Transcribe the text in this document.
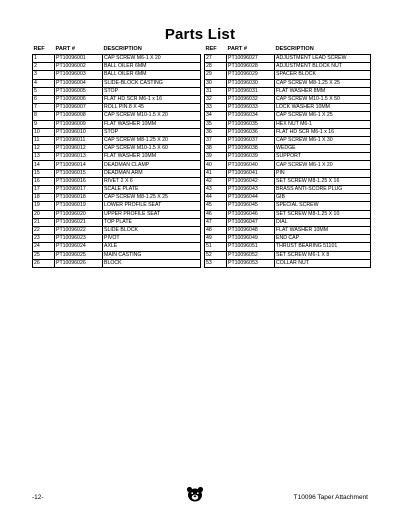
Parts List
REF	PART #	DESCRIPTION
1	PT10096001	CAP SCREW M6-1 X 20
2	PT10096002	BALL OILER 6MM
3	PT10096003	BALL OILER 6MM
4	PT10096004	SLIDE-BLOCK CASTING
5	PT10096005	STOP
6	PT10096006	FLAT HD SCR M6-1 x 16
7	PT10096007	ROLL PIN 8 X 45
8	PT10096008	CAP SCREW M10-1.5 X 20
9	PT10096009	FLAT WASHER 10MM
10	PT10096010	STOP
11	PT10096011	CAP SCREW M8-1.25 X 20
12	PT10096012	CAP SCREW M10-1.5 X 60
13	PT10096013	FLAT WASHER 10MM
14	PT10096014	DEADMAN CLAMP
15	PT10096015	DEADMAN ARM
16	PT10096016	RIVET 2 X 6
17	PT10096017	SCALE PLATE
18	PT10096018	CAP SCREW M8-1.25 X 25
19	PT10096019	LOWER PROFILE SEAT
20	PT10096020	UPPER PROFILE SEAT
21	PT10096021	TOP PLATE
22	PT10096022	SLIDE BLOCK
23	PT10096023	PIVOT
24	PT10096024	AXLE
25	PT10096025	MAIN CASTING
26	PT10096026	BLOCK
REF	PART #	DESCRIPTION
27	PT10096027	ADJUSTMENT LEAD SCREW
28	PT10096028	ADJUSTMENT BLOCK NUT
29	PT10096029	SPACER BLOCK
30	PT10096030	CAP SCREW M8-1.25 X 25
31	PT10096031	FLAT WASHER 8MM
32	PT10096032	CAP SCREW M10-1.5 X 50
33	PT10096033	LOCK WASHER 10MM
34	PT10096034	CAP SCREW M6-1 X 25
35	PT10096035	HEX NUT M6-1
36	PT10096036	FLAT HD SCR M6-1 x 16
37	PT10096037	CAP SCREW M6-1 X 30
38	PT10096038	WEDGE
39	PT10096039	SUPPORT
40	PT10096040	CAP SCREW M6-1 X 20
41	PT10096041	PIN
42	PT10096042	SET SCREW M8-1.25 X 16
43	PT10096043	BRASS ANTI-SCORE PLUG
44	PT10096044	GIB
45	PT10096045	SPECIAL SCREW
46	PT10096046	SET SCREW M8-1.25 X 10
47	PT10096047	DIAL
48	PT10096048	FLAT WASHER 10MM
49	PT10096049	END CAP
51	PT10096051	THRUST BEARING 51101
52	PT10096052	SET SCREW M6-1 X 8
53	PT10096053	COLLAR NUT
-12-	T10096 Taper Attachment
